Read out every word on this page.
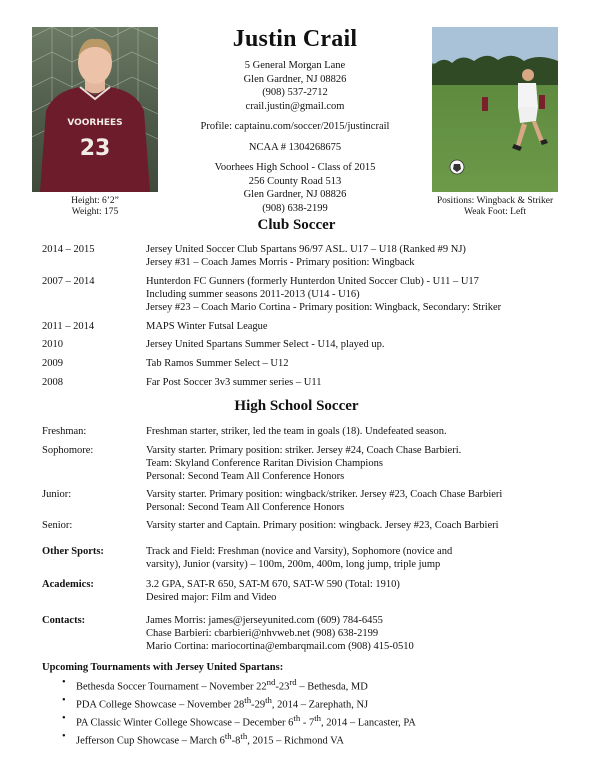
VOORHEES
23
Height: 6’2”
Weight: 175
Positions: Wingback & Striker
Weak Foot: Left
Justin Crail
5 General Morgan Lane
Glen Gardner, NJ 08826
(908) 537-2712
crail.justin@gmail.com
Profile: captainu.com/soccer/2015/justincrail
NCAA # 1304268675
Voorhees High School - Class of 2015
256 County Road 513
Glen Gardner, NJ 08826
(908) 638-2199
Club Soccer
2014 – 2015	Jersey United Soccer Club Spartans 96/97 ASL. U17 – U18 (Ranked #9 NJ)
Jersey #31 – Coach James Morris - Primary position: Wingback
2007 – 2014	Hunterdon FC Gunners (formerly Hunterdon United Soccer Club) - U11 – U17
Including summer seasons 2011-2013 (U14 - U16)
Jersey #23 – Coach Mario Cortina - Primary position: Wingback, Secondary: Striker
2011 – 2014	MAPS Winter Futsal League
2010	Jersey United Spartans Summer Select - U14, played up.
2009	Tab Ramos Summer Select – U12
2008	Far Post Soccer 3v3 summer series – U11
High School Soccer
Freshman:	Freshman starter, striker, led the team in goals (18). Undefeated season.
Sophomore:	Varsity starter. Primary position: striker. Jersey #24, Coach Chase Barbieri.
Team: Skyland Conference Raritan Division Champions
Personal: Second Team All Conference Honors
Junior:	Varsity starter. Primary position: wingback/striker. Jersey #23, Coach Chase Barbieri
Personal: Second Team All Conference Honors
Senior:	Varsity starter and Captain. Primary position: wingback. Jersey #23, Coach Barbieri
Other Sports:	Track and Field: Freshman (novice and Varsity), Sophomore (novice and
varsity), Junior (varsity) – 100m, 200m, 400m, long jump, triple jump
Academics:	3.2 GPA, SAT-R 650, SAT-M 670, SAT-W 590 (Total: 1910)
Desired major: Film and Video
Contacts:	James Morris: james@jerseyunited.com (609) 784-6455
Chase Barbieri: cbarbieri@nhvweb.net (908) 638-2199
Mario Cortina: mariocortina@embarqmail.com (908) 415-0510
Upcoming Tournaments with Jersey United Spartans:
• Bethesda Soccer Tournament – November 22nd-23rd – Bethesda, MD
• PDA College Showcase – November 28th-29th, 2014 – Zarephath, NJ
• PA Classic Winter College Showcase – December 6th - 7th, 2014 – Lancaster, PA
• Jefferson Cup Showcase – March 6th-8th, 2015 – Richmond VA
